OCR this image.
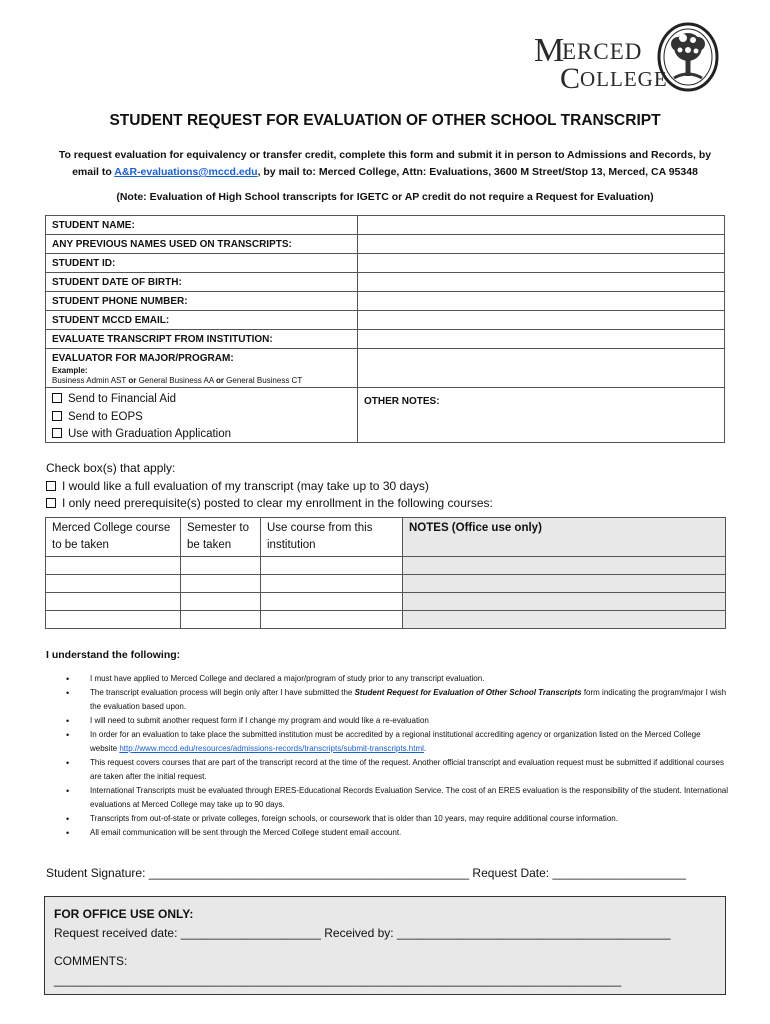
M
ERCED
C
OLLEGE
STUDENT REQUEST FOR EVALUATION OF OTHER SCHOOL TRANSCRIPT
To request evaluation for equivalency or transfer credit, complete this form and submit it in person to Admissions and Records, by
email to A&R-evaluations@mccd.edu, by mail to: Merced College, Attn: Evaluations, 3600 M Street/Stop 13, Merced, CA 95348
(Note: Evaluation of High School transcripts for IGETC or AP credit do not require a Request for Evaluation)
STUDENT NAME:
ANY PREVIOUS NAMES USED ON TRANSCRIPTS:
STUDENT ID:
STUDENT DATE OF BIRTH:
STUDENT PHONE NUMBER:
STUDENT MCCD EMAIL:
EVALUATE TRANSCRIPT FROM INSTITUTION:
EVALUATOR FOR MAJOR/PROGRAM:
Example:
Business Admin AST or General Business AA or General Business CT
Send to Financial Aid
Send to EOPS
Use with Graduation Application
OTHER NOTES:
Check box(s) that apply:
I would like a full evaluation of my transcript (may take up to 30 days)
I only need prerequisite(s) posted to clear my enrollment in the following courses:
Merced College course to be taken	Semester to be taken	Use course from this institution	NOTES (Office use only)

I understand the following:
• I must have applied to Merced College and declared a major/program of study prior to any transcript evaluation.
• The transcript evaluation process will begin only after I have submitted the Student Request for Evaluation of Other School Transcripts form indicating the program/major I wish the evaluation based upon.
• I will need to submit another request form if I change my program and would like a re-evaluation
• In order for an evaluation to take place the submitted institution must be accredited by a regional institutional accrediting agency or organization listed on the Merced College website http://www.mccd.edu/resources/admissions-records/transcripts/submit-transcripts.html.
• This request covers courses that are part of the transcript record at the time of the request. Another official transcript and evaluation request must be submitted if additional courses are taken after the initial request.
• International Transcripts must be evaluated through ERES-Educational Records Evaluation Service. The cost of an ERES evaluation is the responsibility of the student. International evaluations at Merced College may take up to 90 days.
• Transcripts from out-of-state or private colleges, foreign schools, or coursework that is older than 10 years, may require additional course information.
• All email communication will be sent through the Merced College student email account.
Student Signature: ________________________________________________ Request Date: ____________________
FOR OFFICE USE ONLY:
Request received date: _____________________ Received by: _________________________________________
COMMENTS:
_____________________________________________________________________________________
